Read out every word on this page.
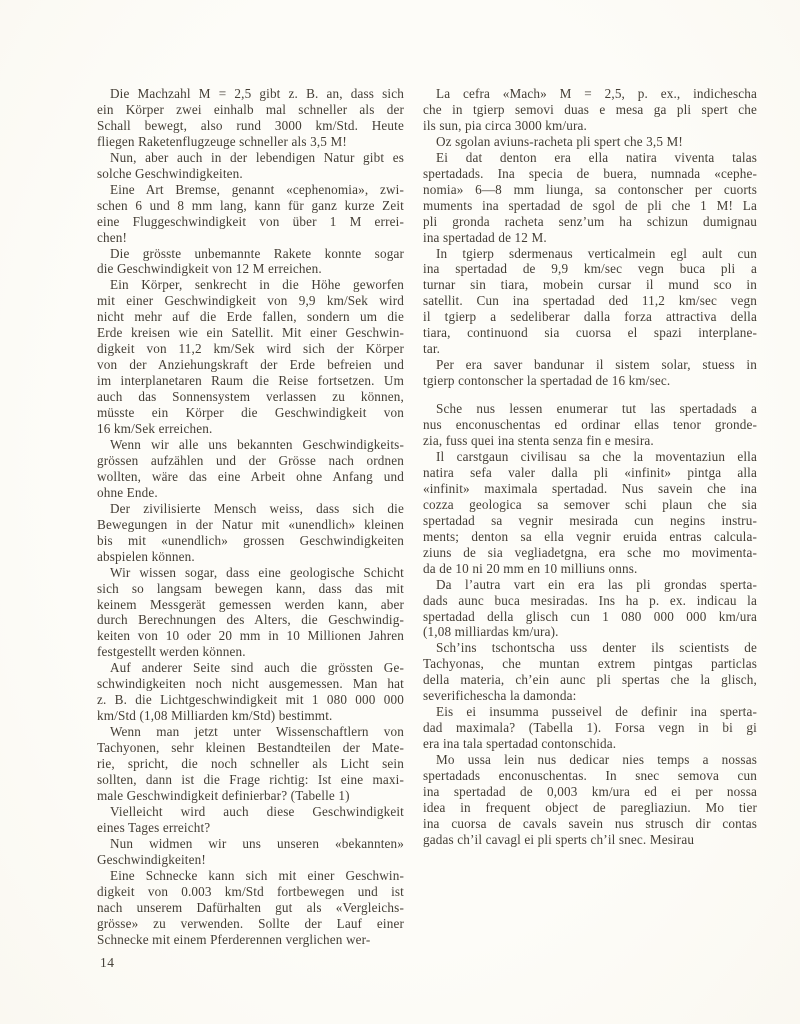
Die Machzahl M = 2,5 gibt z. B. an, dass sich
ein Körper zwei einhalb mal schneller als der
Schall bewegt, also rund 3000 km/Std. Heute
fliegen Raketenflugzeuge schneller als 3,5 M!

Nun, aber auch in der lebendigen Natur gibt es
solche Geschwindigkeiten.

Eine Art Bremse, genannt «cephenomia», zwi-
schen 6 und 8 mm lang, kann für ganz kurze Zeit
eine Fluggeschwindigkeit von über 1 M errei-
chen!

Die grösste unbemannte Rakete konnte sogar
die Geschwindigkeit von 12 M erreichen.

Ein Körper, senkrecht in die Höhe geworfen
mit einer Geschwindigkeit von 9,9 km/Sek wird
nicht mehr auf die Erde fallen, sondern um die
Erde kreisen wie ein Satellit. Mit einer Geschwin-
digkeit von 11,2 km/Sek wird sich der Körper
von der Anziehungskraft der Erde befreien und
im interplanetaren Raum die Reise fortsetzen. Um
auch das Sonnensystem verlassen zu können,
müsste ein Körper die Geschwindigkeit von
16 km/Sek erreichen.

Wenn wir alle uns bekannten Geschwindigkeits-
grössen aufzählen und der Grösse nach ordnen
wollten, wäre das eine Arbeit ohne Anfang und
ohne Ende.

Der zivilisierte Mensch weiss, dass sich die
Bewegungen in der Natur mit «unendlich» kleinen
bis mit «unendlich» grossen Geschwindigkeiten
abspielen können.

Wir wissen sogar, dass eine geologische Schicht
sich so langsam bewegen kann, dass das mit
keinem Messgerät gemessen werden kann, aber
durch Berechnungen des Alters, die Geschwindig-
keiten von 10 oder 20 mm in 10 Millionen Jahren
festgestellt werden können.

Auf anderer Seite sind auch die grössten Ge-
schwindigkeiten noch nicht ausgemessen. Man hat
z. B. die Lichtgeschwindigkeit mit 1 080 000 000
km/Std (1,08 Milliarden km/Std) bestimmt.

Wenn man jetzt unter Wissenschaftlern von
Tachyonen, sehr kleinen Bestandteilen der Mate-
rie, spricht, die noch schneller als Licht sein
sollten, dann ist die Frage richtig: Ist eine maxi-
male Geschwindigkeit definierbar? (Tabelle 1)

Vielleicht wird auch diese Geschwindigkeit
eines Tages erreicht?

Nun widmen wir uns unseren «bekannten»
Geschwindigkeiten!

Eine Schnecke kann sich mit einer Geschwin-
digkeit von 0.003 km/Std fortbewegen und ist
nach unserem Dafürhalten gut als «Vergleichs-
grösse» zu verwenden. Sollte der Lauf einer
Schnecke mit einem Pferderennen verglichen wer-

La cefra «Mach» M = 2,5, p. ex., indichescha
che in tgierp semovi duas e mesa ga pli spert che
ils sun, pia circa 3000 km/ura.

Oz sgolan aviuns-racheta pli spert che 3,5 M!

Ei dat denton era ella natira viventa talas
spertadads. Ina specia de buera, numnada «cephe-
nomia» 6—8 mm liunga, sa contonscher per cuorts
muments ina spertadad de sgol de pli che 1 M! La
pli gronda racheta senz’um ha schizun dumignau
ina spertadad de 12 M.

In tgierp sdermenaus verticalmein egl ault cun
ina spertadad de 9,9 km/sec vegn buca pli a
turnar sin tiara, mobein cursar il mund sco in
satellit. Cun ina spertadad ded 11,2 km/sec vegn
il tgierp a sedeliberar dalla forza attractiva della
tiara, continuond sia cuorsa el spazi interplane-
tar.

Per era saver bandunar il sistem solar, stuess in
tgierp contonscher la spertadad de 16 km/sec.

Sche nus lessen enumerar tut las spertadads a
nus enconuschentas ed ordinar ellas tenor gronde-
zia, fuss quei ina stenta senza fin e mesira.

Il carstgaun civilisau sa che la moventaziun ella
natira sefa valer dalla pli «infinit» pintga alla
«infinit» maximala spertadad. Nus savein che ina
cozza geologica sa semover schi plaun che sia
spertadad sa vegnir mesirada cun negins instru-
ments; denton sa ella vegnir eruida entras calcula-
ziuns de sia vegliadetgna, era sche mo movimenta-
da de 10 ni 20 mm en 10 milliuns onns.

Da l’autra vart ein era las pli grondas sperta-
dads aunc buca mesiradas. Ins ha p. ex. indicau la
spertadad della glisch cun 1 080 000 000 km/ura
(1,08 milliardas km/ura).

Sch’ins tschontscha uss denter ils scientists de
Tachyonas, che muntan extrem pintgas particlas
della materia, ch’ein aunc pli spertas che la glisch,
severifichescha la damonda:

Eis ei insumma pusseivel de definir ina sperta-
dad maximala? (Tabella 1). Forsa vegn in bi gi
era ina tala spertadad contonschida.

Mo ussa lein nus dedicar nies temps a nossas
spertadads enconuschentas. In snec semova cun
ina spertadad de 0,003 km/ura ed ei per nossa
idea in frequent object de paregliaziun. Mo tier
ina cuorsa de cavals savein nus strusch dir contas
gadas ch’il cavagl ei pli sperts ch’il snec. Mesirau

14
